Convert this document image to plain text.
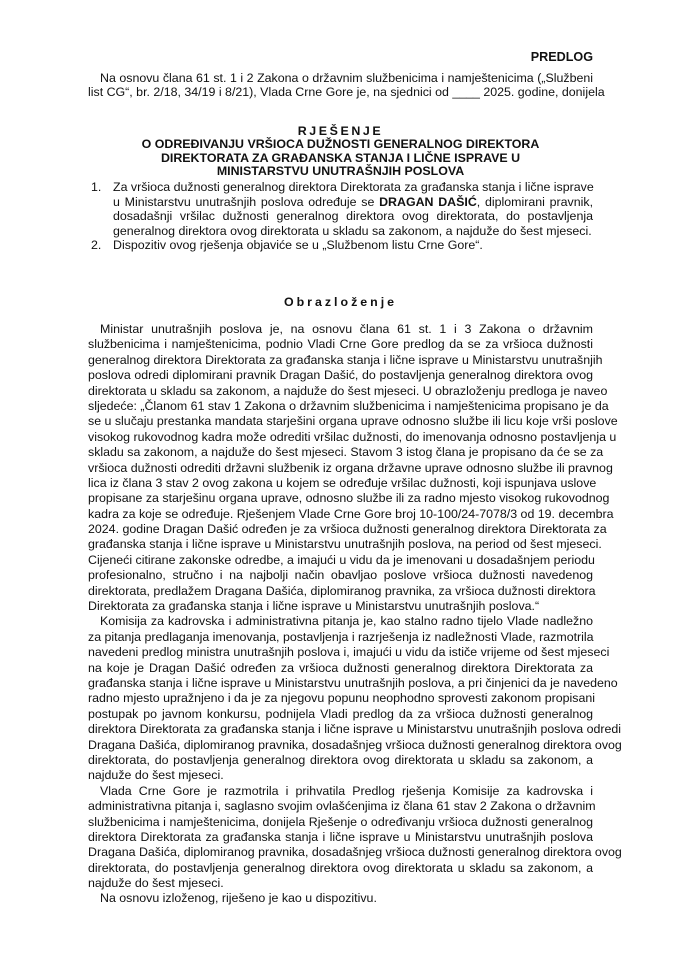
PREDLOG
Na osnovu člana 61 st. 1 i 2 Zakona o državnim službenicima i namještenicima („Službeni
list CG“, br. 2/18, 34/19 i 8/21), Vlada Crne Gore je, na sjednici od ____ 2025. godine, donijela
RJEŠENJE
O ODREĐIVANJU VRŠIOCA DUŽNOSTI GENERALNOG DIREKTORA
DIREKTORATA ZA GRAĐANSKA STANJA I LIČNE ISPRAVE U
MINISTARSTVU UNUTRAŠNJIH POSLOVA
1. Za vršioca dužnosti generalnog direktora Direktorata za građanska stanja i lične isprave
u Ministarstvu unutrašnjih poslova određuje se DRAGAN DAŠIĆ, diplomirani pravnik,
dosadašnji vršilac dužnosti generalnog direktora ovog direktorata, do postavljenja
generalnog direktora ovog direktorata u skladu sa zakonom, a najduže do šest mjeseci.
2. Dispozitiv ovog rješenja objaviće se u „Službenom listu Crne Gore“.
Obrazloženje
Ministar unutrašnjih poslova je, na osnovu člana 61 st. 1 i 3 Zakona o državnim
službenicima i namještenicima, podnio Vladi Crne Gore predlog da se za vršioca dužnosti
generalnog direktora Direktorata za građanska stanja i lične isprave u Ministarstvu unutrašnjih
poslova odredi diplomirani pravnik Dragan Dašić, do postavljenja generalnog direktora ovog
direktorata u skladu sa zakonom, a najduže do šest mjeseci. U obrazloženju predloga je naveo
sljedeće: „Članom 61 stav 1 Zakona o državnim službenicima i namještenicima propisano je da
se u slučaju prestanka mandata starješini organa uprave odnosno službe ili licu koje vrši poslove
visokog rukovodnog kadra može odrediti vršilac dužnosti, do imenovanja odnosno postavljenja u
skladu sa zakonom, a najduže do šest mjeseci. Stavom 3 istog člana je propisano da će se za
vršioca dužnosti odrediti državni službenik iz organa državne uprave odnosno službe ili pravnog
lica iz člana 3 stav 2 ovog zakona u kojem se određuje vršilac dužnosti, koji ispunjava uslove
propisane za starješinu organa uprave, odnosno službe ili za radno mjesto visokog rukovodnog
kadra za koje se određuje. Rješenjem Vlade Crne Gore broj 10-100/24-7078/3 od 19. decembra
2024. godine Dragan Dašić određen je za vršioca dužnosti generalnog direktora Direktorata za
građanska stanja i lične isprave u Ministarstvu unutrašnjih poslova, na period od šest mjeseci.
Cijeneći citirane zakonske odredbe, a imajući u vidu da je imenovani u dosadašnjem periodu
profesionalno, stručno i na najbolji način obavljao poslove vršioca dužnosti navedenog
direktorata, predlažem Dragana Dašića, diplomiranog pravnika, za vršioca dužnosti direktora
Direktorata za građanska stanja i lične isprave u Ministarstvu unutrašnjih poslova.“
Komisija za kadrovska i administrativna pitanja je, kao stalno radno tijelo Vlade nadležno
za pitanja predlaganja imenovanja, postavljenja i razrješenja iz nadležnosti Vlade, razmotrila
navedeni predlog ministra unutrašnjih poslova i, imajući u vidu da ističe vrijeme od šest mjeseci
na koje je Dragan Dašić određen za vršioca dužnosti generalnog direktora Direktorata za
građanska stanja i lične isprave u Ministarstvu unutrašnjih poslova, a pri činjenici da je navedeno
radno mjesto upražnjeno i da je za njegovu popunu neophodno sprovesti zakonom propisani
postupak po javnom konkursu, podnijela Vladi predlog da za vršioca dužnosti generalnog
direktora Direktorata za građanska stanja i lične isprave u Ministarstvu unutrašnjih poslova odredi
Dragana Dašića, diplomiranog pravnika, dosadašnjeg vršioca dužnosti generalnog direktora ovog
direktorata, do postavljenja generalnog direktora ovog direktorata u skladu sa zakonom, a
najduže do šest mjeseci.
Vlada Crne Gore je razmotrila i prihvatila Predlog rješenja Komisije za kadrovska i
administrativna pitanja i, saglasno svojim ovlašćenjima iz člana 61 stav 2 Zakona o državnim
službenicima i namještenicima, donijela Rješenje o određivanju vršioca dužnosti generalnog
direktora Direktorata za građanska stanja i lične isprave u Ministarstvu unutrašnjih poslova
Dragana Dašića, diplomiranog pravnika, dosadašnjeg vršioca dužnosti generalnog direktora ovog
direktorata, do postavljenja generalnog direktora ovog direktorata u skladu sa zakonom, a
najduže do šest mjeseci.
Na osnovu izloženog, riješeno je kao u dispozitivu.
